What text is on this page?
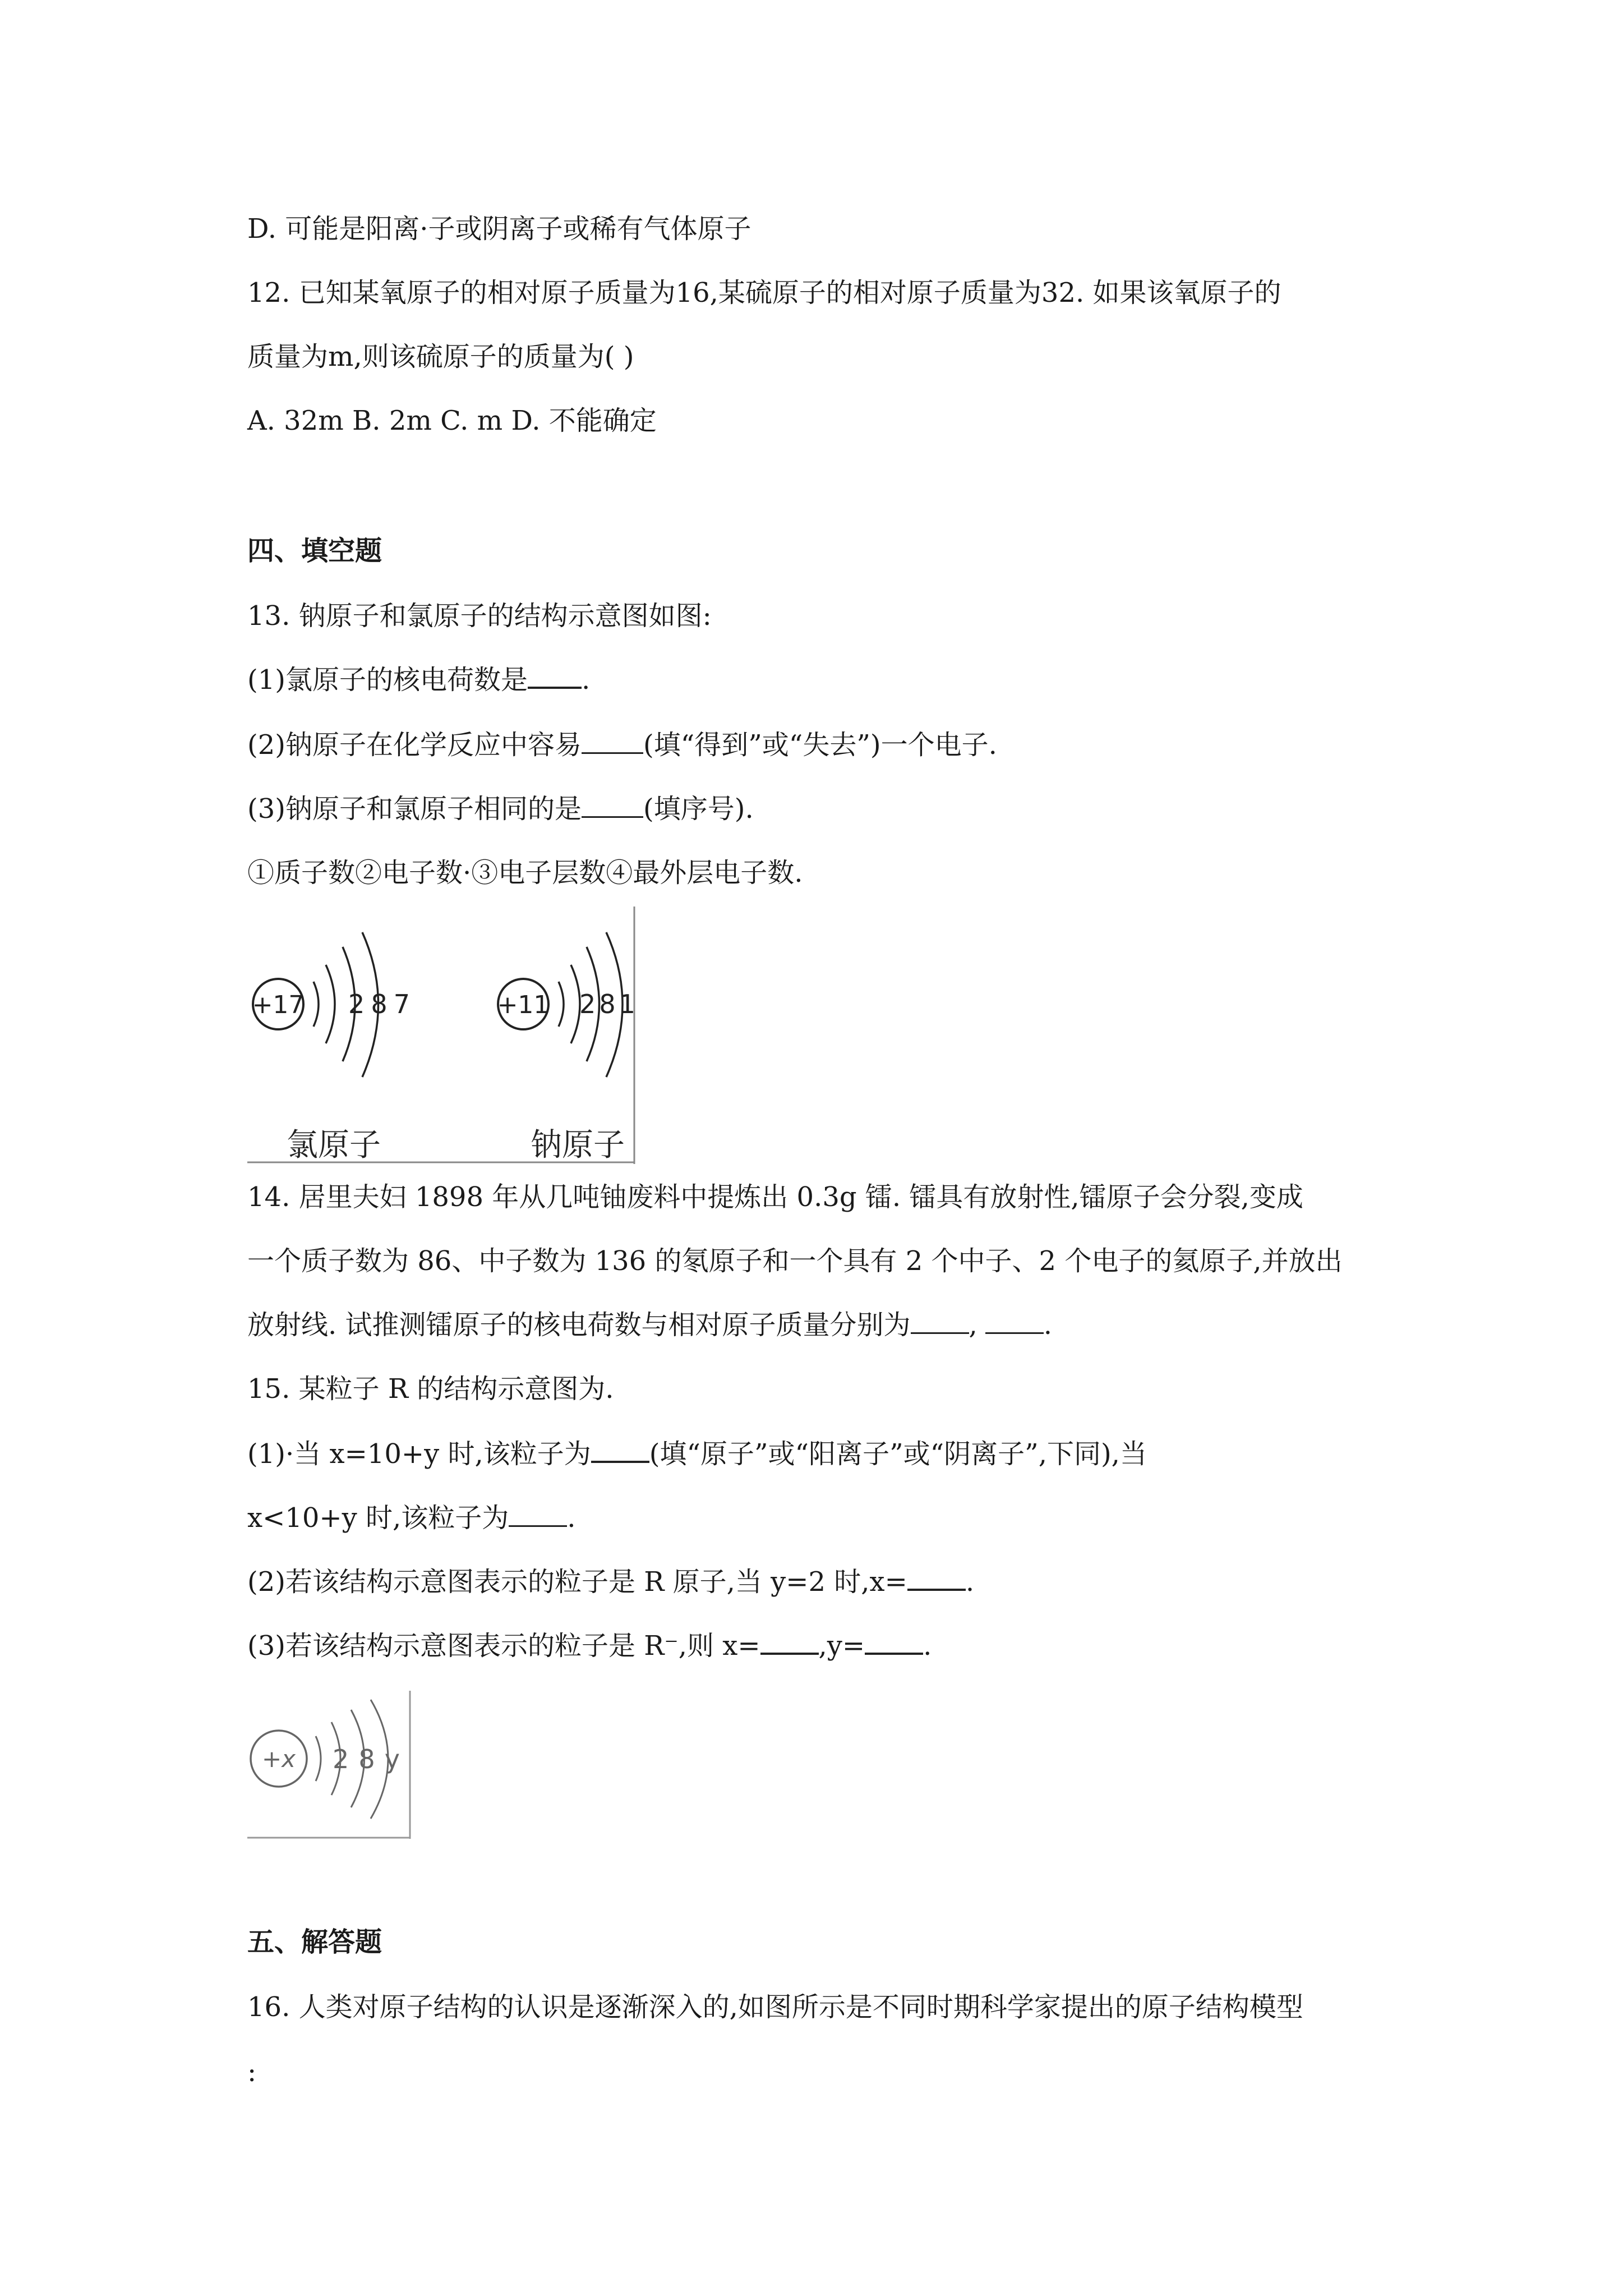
D. 可能是阳离·子或阴离子或稀有气体原子
12. 已知某氧原子的相对原子质量为16,某硫原子的相对原子质量为32. 如果该氧原子的
质量为m,则该硫原子的质量为( )
A. 32m B. 2m C. m D. 不能确定
四、填空题
13. 钠原子和氯原子的结构示意图如图:
(1)氯原子的核电荷数是 .
(2)钠原子在化学反应中容易 (填“得到”或“失去”)一个电子.
(3)钠原子和氯原子相同的是 (填序号).
①质子数②电子数·③电子层数④最外层电子数.
+17 2 8 7
氯原子
+11 2 8 1
钠原子
14. 居里夫妇 1898 年从几吨铀废料中提炼出 0.3g 镭. 镭具有放射性,镭原子会分裂,变成
一个质子数为 86、中子数为 136 的氡原子和一个具有 2 个中子、2 个电子的氦原子,并放出
放射线. 试推测镭原子的核电荷数与相对原子质量分别为 , .
15. 某粒子 R 的结构示意图为.
(1)·当 x=10+y 时,该粒子为 (填“原子”或“阳离子”或“阴离子”,下同),当
x<10+y 时,该粒子为 .
(2)若该结构示意图表示的粒子是 R 原子,当 y=2 时,x= .
(3)若该结构示意图表示的粒子是 R⁻,则 x= ,y= .
+x 2 8 y
五、解答题
16. 人类对原子结构的认识是逐渐深入的,如图所示是不同时期科学家提出的原子结构模型
:
